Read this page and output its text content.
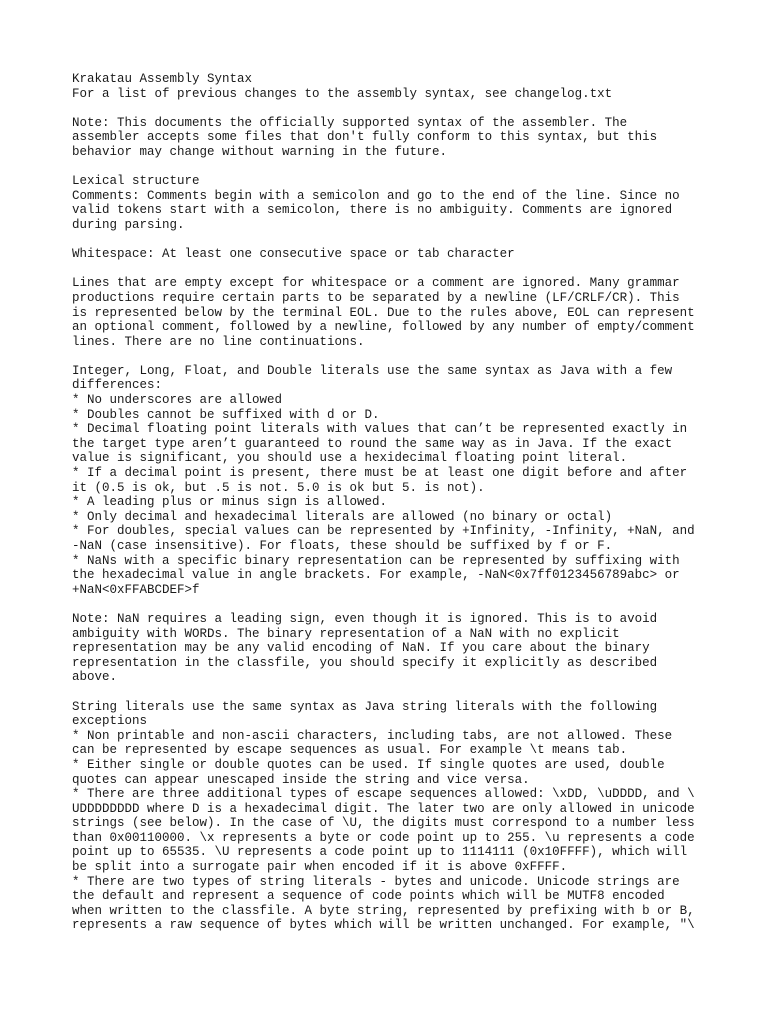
Krakatau Assembly Syntax
For a list of previous changes to the assembly syntax, see changelog.txt
Note: This documents the officially supported syntax of the assembler. The
assembler accepts some files that don't fully conform to this syntax, but this
behavior may change without warning in the future.
Lexical structure
Comments: Comments begin with a semicolon and go to the end of the line. Since no
valid tokens start with a semicolon, there is no ambiguity. Comments are ignored
during parsing.
Whitespace: At least one consecutive space or tab character
Lines that are empty except for whitespace or a comment are ignored. Many grammar
productions require certain parts to be separated by a newline (LF/CRLF/CR). This
is represented below by the terminal EOL. Due to the rules above, EOL can represent
an optional comment, followed by a newline, followed by any number of empty/comment
lines. There are no line continuations.
Integer, Long, Float, and Double literals use the same syntax as Java with a few
differences:
* No underscores are allowed
* Doubles cannot be suffixed with d or D.
* Decimal floating point literals with values that can’t be represented exactly in
the target type aren’t guaranteed to round the same way as in Java. If the exact
value is significant, you should use a hexidecimal floating point literal.
* If a decimal point is present, there must be at least one digit before and after
it (0.5 is ok, but .5 is not. 5.0 is ok but 5. is not).
* A leading plus or minus sign is allowed.
* Only decimal and hexadecimal literals are allowed (no binary or octal)
* For doubles, special values can be represented by +Infinity, -Infinity, +NaN, and
-NaN (case insensitive). For floats, these should be suffixed by f or F.
* NaNs with a specific binary representation can be represented by suffixing with
the hexadecimal value in angle brackets. For example, -NaN<0x7ff0123456789abc> or
+NaN<0xFFABCDEF>f
Note: NaN requires a leading sign, even though it is ignored. This is to avoid
ambiguity with WORDs. The binary representation of a NaN with no explicit
representation may be any valid encoding of NaN. If you care about the binary
representation in the classfile, you should specify it explicitly as described
above.
String literals use the same syntax as Java string literals with the following
exceptions
* Non printable and non-ascii characters, including tabs, are not allowed. These
can be represented by escape sequences as usual. For example \t means tab.
* Either single or double quotes can be used. If single quotes are used, double
quotes can appear unescaped inside the string and vice versa.
* There are three additional types of escape sequences allowed: \xDD, \uDDDD, and \
UDDDDDDDD where D is a hexadecimal digit. The later two are only allowed in unicode
strings (see below). In the case of \U, the digits must correspond to a number less
than 0x00110000. \x represents a byte or code point up to 255. \u represents a code
point up to 65535. \U represents a code point up to 1114111 (0x10FFFF), which will
be split into a surrogate pair when encoded if it is above 0xFFFF.
* There are two types of string literals - bytes and unicode. Unicode strings are
the default and represent a sequence of code points which will be MUTF8 encoded
when written to the classfile. A byte string, represented by prefixing with b or B,
represents a raw sequence of bytes which will be written unchanged. For example, "\
